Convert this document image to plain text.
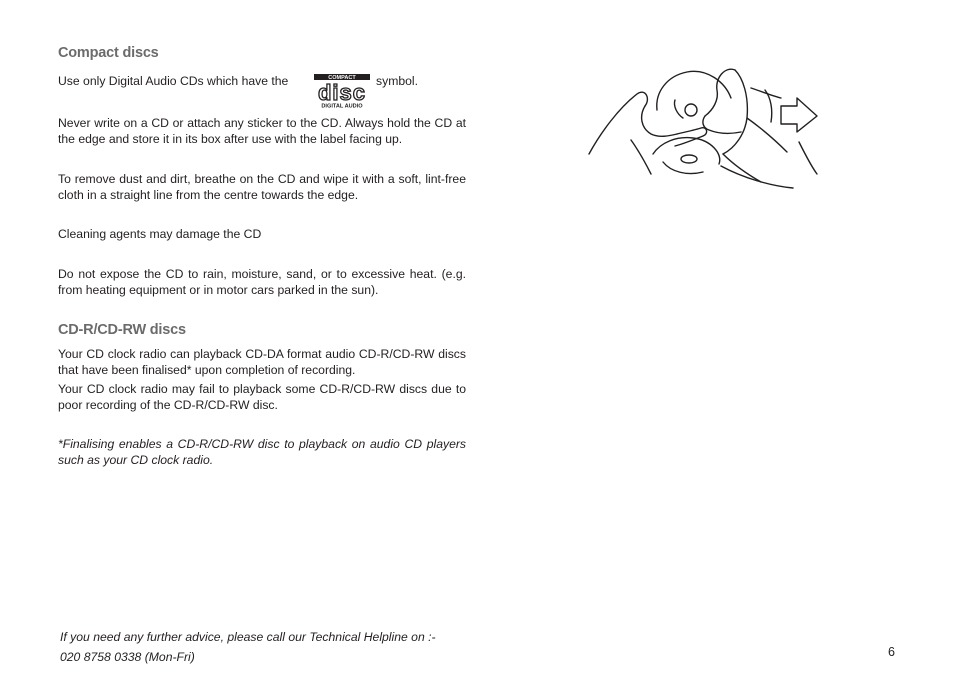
Compact discs
Use only Digital Audio CDs which have the	COMPACT
disc
DIGITAL AUDIO
symbol.

Never write on a CD or attach any sticker to the CD. Always hold the CD at the edge and store it in its box after use with the label facing up.

To remove dust and dirt, breathe on the CD and wipe it with a soft, lint-free cloth in a straight line from the centre towards the edge.

Cleaning agents may damage the CD

Do not expose the CD to rain, moisture, sand, or to excessive heat. (e.g. from heating equipment or in motor cars parked in the sun).

CD-R/CD-RW discs

Your CD clock radio can playback CD-DA format audio CD-R/CD-RW discs that have been finalised* upon completion of recording.

Your CD clock radio may fail to playback some CD-R/CD-RW discs due to poor recording of the CD-R/CD-RW disc.

*Finalising enables a CD-R/CD-RW disc to playback on audio CD players such as your CD clock radio.

If you need any further advice, please call our Technical Helpline on :-

020 8758 0338 (Mon-Fri)	6
